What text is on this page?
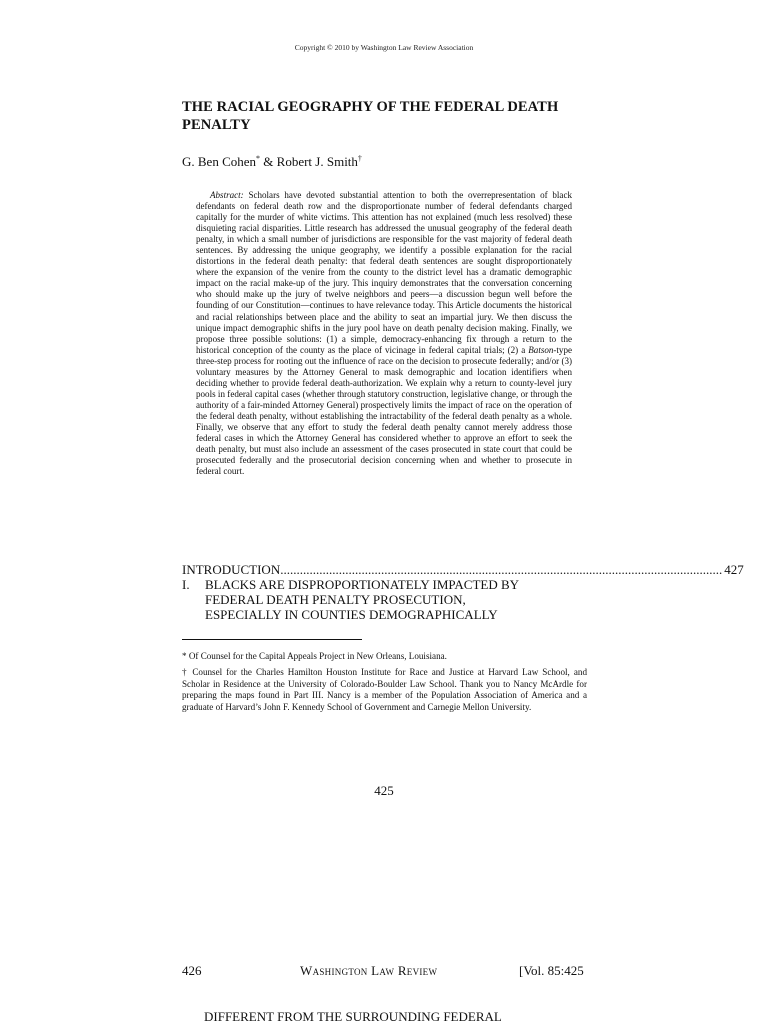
Copyright © 2010 by Washington Law Review Association
THE RACIAL GEOGRAPHY OF THE FEDERAL DEATH
PENALTY
G. Ben Cohen* & Robert J. Smith†
Abstract: Scholars have devoted substantial attention to both the overrepresentation of black defendants on federal death row and the disproportionate number of federal defendants charged capitally for the murder of white victims. This attention has not explained (much less resolved) these disquieting racial disparities. Little research has addressed the unusual geography of the federal death penalty, in which a small number of jurisdictions are responsible for the vast majority of federal death sentences. By addressing the unique geography, we identify a possible explanation for the racial distortions in the federal death penalty: that federal death sentences are sought disproportionately where the expansion of the venire from the county to the district level has a dramatic demographic impact on the racial make-up of the jury. This inquiry demonstrates that the conversation concerning who should make up the jury of twelve neighbors and peers—a discussion begun well before the founding of our Constitution—continues to have relevance today. This Article documents the historical and racial relationships between place and the ability to seat an impartial jury. We then discuss the unique impact demographic shifts in the jury pool have on death penalty decision making. Finally, we propose three possible solutions: (1) a simple, democracy-enhancing fix through a return to the historical conception of the county as the place of vicinage in federal capital trials; (2) a Batson-type three-step process for rooting out the influence of race on the decision to prosecute federally; and/or (3) voluntary measures by the Attorney General to mask demographic and location identifiers when deciding whether to provide federal death-authorization. We explain why a return to county-level jury pools in federal capital cases (whether through statutory construction, legislative change, or through the authority of a fair-minded Attorney General) prospectively limits the impact of race on the operation of the federal death penalty, without establishing the intractability of the federal death penalty as a whole. Finally, we observe that any effort to study the federal death penalty cannot merely address those federal cases in which the Attorney General has considered whether to approve an effort to seek the death penalty, but must also include an assessment of the cases prosecuted in state court that could be prosecuted federally and the prosecutorial decision concerning when and whether to prosecute in federal court.
INTRODUCTION ........................................................................................................................................ 427
I.	BLACKS ARE DISPROPORTIONATELY IMPACTED BY
FEDERAL DEATH PENALTY PROSECUTION,
ESPECIALLY IN COUNTIES DEMOGRAPHICALLY
* Of Counsel for the Capital Appeals Project in New Orleans, Louisiana.
† Counsel for the Charles Hamilton Houston Institute for Race and Justice at Harvard Law School, and Scholar in Residence at the University of Colorado-Boulder Law School. Thank you to Nancy McArdle for preparing the maps found in Part III. Nancy is a member of the Population Association of America and a graduate of Harvard’s John F. Kennedy School of Government and Carnegie Mellon University.
425
426	Washington Law Review	[Vol. 85:425
DIFFERENT FROM THE SURROUNDING FEDERAL
